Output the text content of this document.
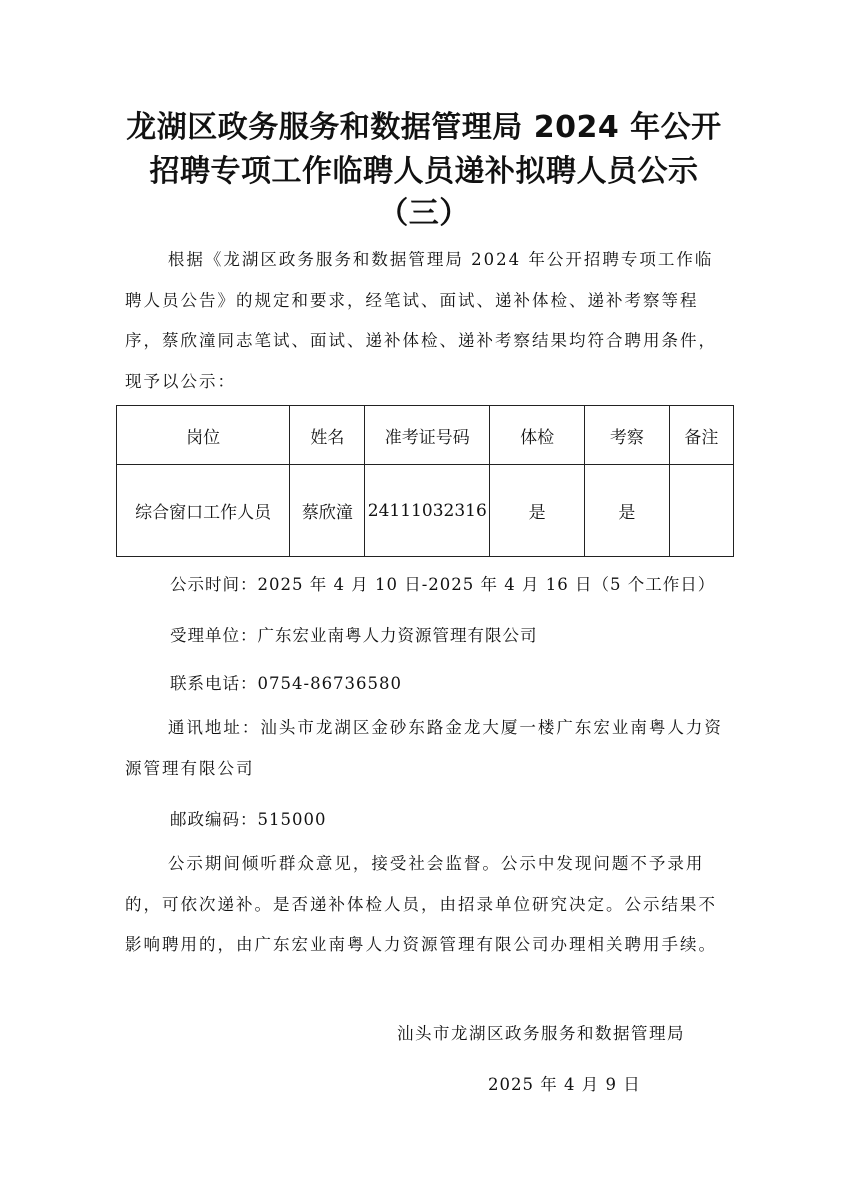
龙湖区政务服务和数据管理局 2024 年公开
招聘专项工作临聘人员递补拟聘人员公示
（三）

根据《龙湖区政务服务和数据管理局 2024 年公开招聘专项工作临聘人员公告》的规定和要求，经笔试、面试、递补体检、递补考察等程序，蔡欣潼同志笔试、面试、递补体检、递补考察结果均符合聘用条件，现予以公示：

岗位	姓名	准考证号码	体检	考察	备注
综合窗口工作人员	蔡欣潼	24111032316	是	是	

公示时间：2025 年 4 月 10 日-2025 年 4 月 16 日（5 个工作日）

受理单位：广东宏业南粤人力资源管理有限公司

联系电话：0754-86736580

通讯地址：汕头市龙湖区金砂东路金龙大厦一楼广东宏业南粤人力资源管理有限公司

邮政编码：515000

公示期间倾听群众意见，接受社会监督。公示中发现问题不予录用的，可依次递补。是否递补体检人员，由招录单位研究决定。公示结果不影响聘用的，由广东宏业南粤人力资源管理有限公司办理相关聘用手续。

汕头市龙湖区政务服务和数据管理局

2025 年 4 月 9 日
